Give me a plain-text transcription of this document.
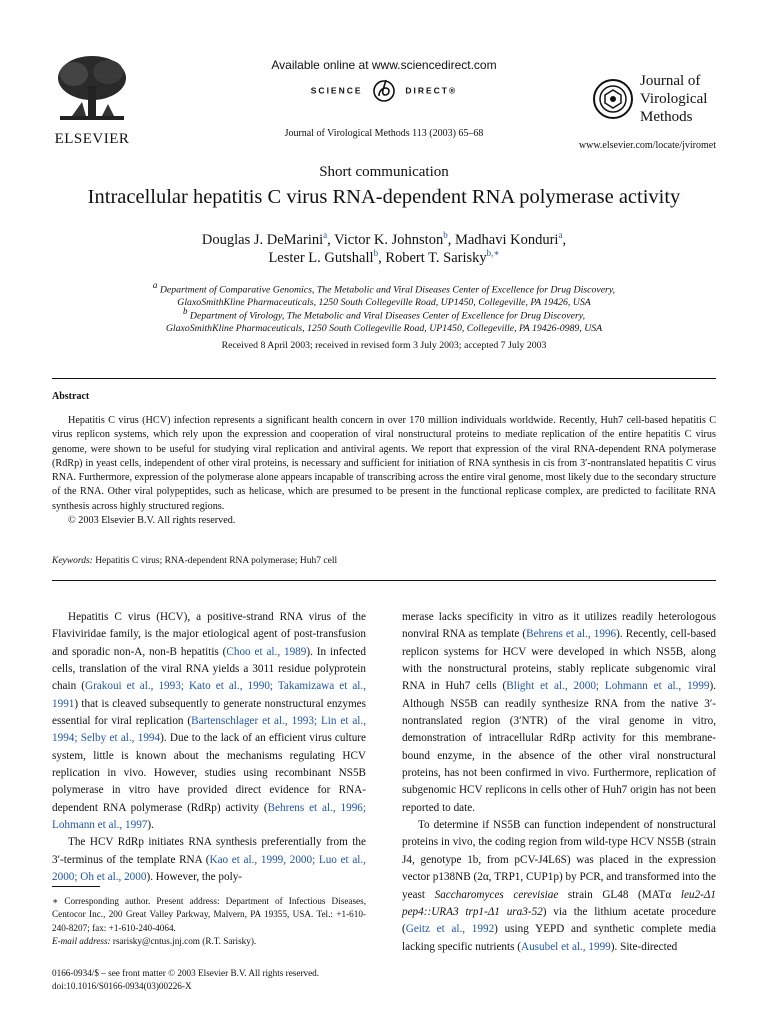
ELSEVIER
Available online at www.sciencedirect.com
SCIENCE	DIRECT®
Journal of Virological Methods 113 (2003) 65–68
Journal of
Virological
Methods
www.elsevier.com/locate/jviromet
Short communication
Intracellular hepatitis C virus RNA-dependent RNA polymerase activity
Douglas J. DeMarini$^a$, Victor K. Johnston$^b$, Madhavi Konduri$^a$,
Lester L. Gutshall$^b$, Robert T. Sarisky$^{b,∗}$
$^a$ Department of Comparative Genomics, The Metabolic and Viral Diseases Center of Excellence for Drug Discovery,
GlaxoSmithKline Pharmaceuticals, 1250 South Collegeville Road, UP1450, Collegeville, PA 19426, USA
$^b$ Department of Virology, The Metabolic and Viral Diseases Center of Excellence for Drug Discovery,
GlaxoSmithKline Pharmaceuticals, 1250 South Collegeville Road, UP1450, Collegeville, PA 19426-0989, USA
Received 8 April 2003; received in revised form 3 July 2003; accepted 7 July 2003
Abstract

Hepatitis C virus (HCV) infection represents a significant health concern in over 170 million individuals worldwide. Recently, Huh7 cell-based hepatitis C virus replicon systems, which rely upon the expression and cooperation of viral nonstructural proteins to mediate replication of the entire hepatitis C virus genome, were shown to be useful for studying viral replication and antiviral agents. We report that expression of the viral RNA-dependent RNA polymerase (RdRp) in yeast cells, independent of other viral proteins, is necessary and sufficient for initiation of RNA synthesis in cis from 3′-nontranslated hepatitis C virus RNA. Furthermore, expression of the polymerase alone appears incapable of transcribing across the entire viral genome, most likely due to the secondary structure of the RNA. Other viral polypeptides, such as helicase, which are presumed to be present in the functional replicase complex, are predicted to facilitate RNA synthesis across highly structured regions.

© 2003 Elsevier B.V. All rights reserved.

Keywords: Hepatitis C virus; RNA-dependent RNA polymerase; Huh7 cell

Hepatitis C virus (HCV), a positive-strand RNA virus of the Flaviviridae family, is the major etiological agent of post-transfusion and sporadic non-A, non-B hepatitis (Choo et al., 1989). In infected cells, translation of the viral RNA yields a 3011 residue polyprotein chain (Grakoui et al., 1993; Kato et al., 1990; Takamizawa et al., 1991) that is cleaved subsequently to generate nonstructural enzymes essential for viral replication (Bartenschlager et al., 1993; Lin et al., 1994; Selby et al., 1994). Due to the lack of an efficient virus culture system, little is known about the mechanisms regulating HCV replication in vivo. However, studies using recombinant NS5B polymerase in vitro have provided direct evidence for RNA-dependent RNA polymerase (RdRp) activity (Behrens et al., 1996; Lohmann et al., 1997).

The HCV RdRp initiates RNA synthesis preferentially from the 3′-terminus of the template RNA (Kao et al., 1999, 2000; Luo et al., 2000; Oh et al., 2000). However, the poly-

merase lacks specificity in vitro as it utilizes readily heterologous nonviral RNA as template (Behrens et al., 1996). Recently, cell-based replicon systems for HCV were developed in which NS5B, along with the nonstructural proteins, stably replicate subgenomic viral RNA in Huh7 cells (Blight et al., 2000; Lohmann et al., 1999). Although NS5B can readily synthesize RNA from the native 3′-nontranslated region (3′NTR) of the viral genome in vitro, demonstration of intracellular RdRp activity for this membrane-bound enzyme, in the absence of the other viral nonstructural proteins, has not been confirmed in vivo. Furthermore, replication of subgenomic HCV replicons in cells other of Huh7 origin has not been reported to date.

To determine if NS5B can function independent of nonstructural proteins in vivo, the coding region from wild-type HCV NS5B (strain J4, genotype 1b, from pCV-J4L6S) was placed in the expression vector p138NB (2α, TRP1, CUP1p) by PCR, and transformed into the yeast Saccharomyces cerevisiae strain GL48 (MATα leu2-Δ1 pep4::URA3 trp1-Δ1 ura3-52) via the lithium acetate procedure (Geitz et al., 1992) using YEPD and synthetic complete media lacking specific nutrients (Ausubel et al., 1999). Site-directed

∗ Corresponding author. Present address: Department of Infectious Diseases, Centocor Inc., 200 Great Valley Parkway, Malvern, PA 19355, USA. Tel.: +1-610-240-8207; fax: +1-610-240-4064.
E-mail address: rsarisky@cntus.jnj.com (R.T. Sarisky).
0166-0934/$ – see front matter © 2003 Elsevier B.V. All rights reserved.
doi:10.1016/S0166-0934(03)00226-X
